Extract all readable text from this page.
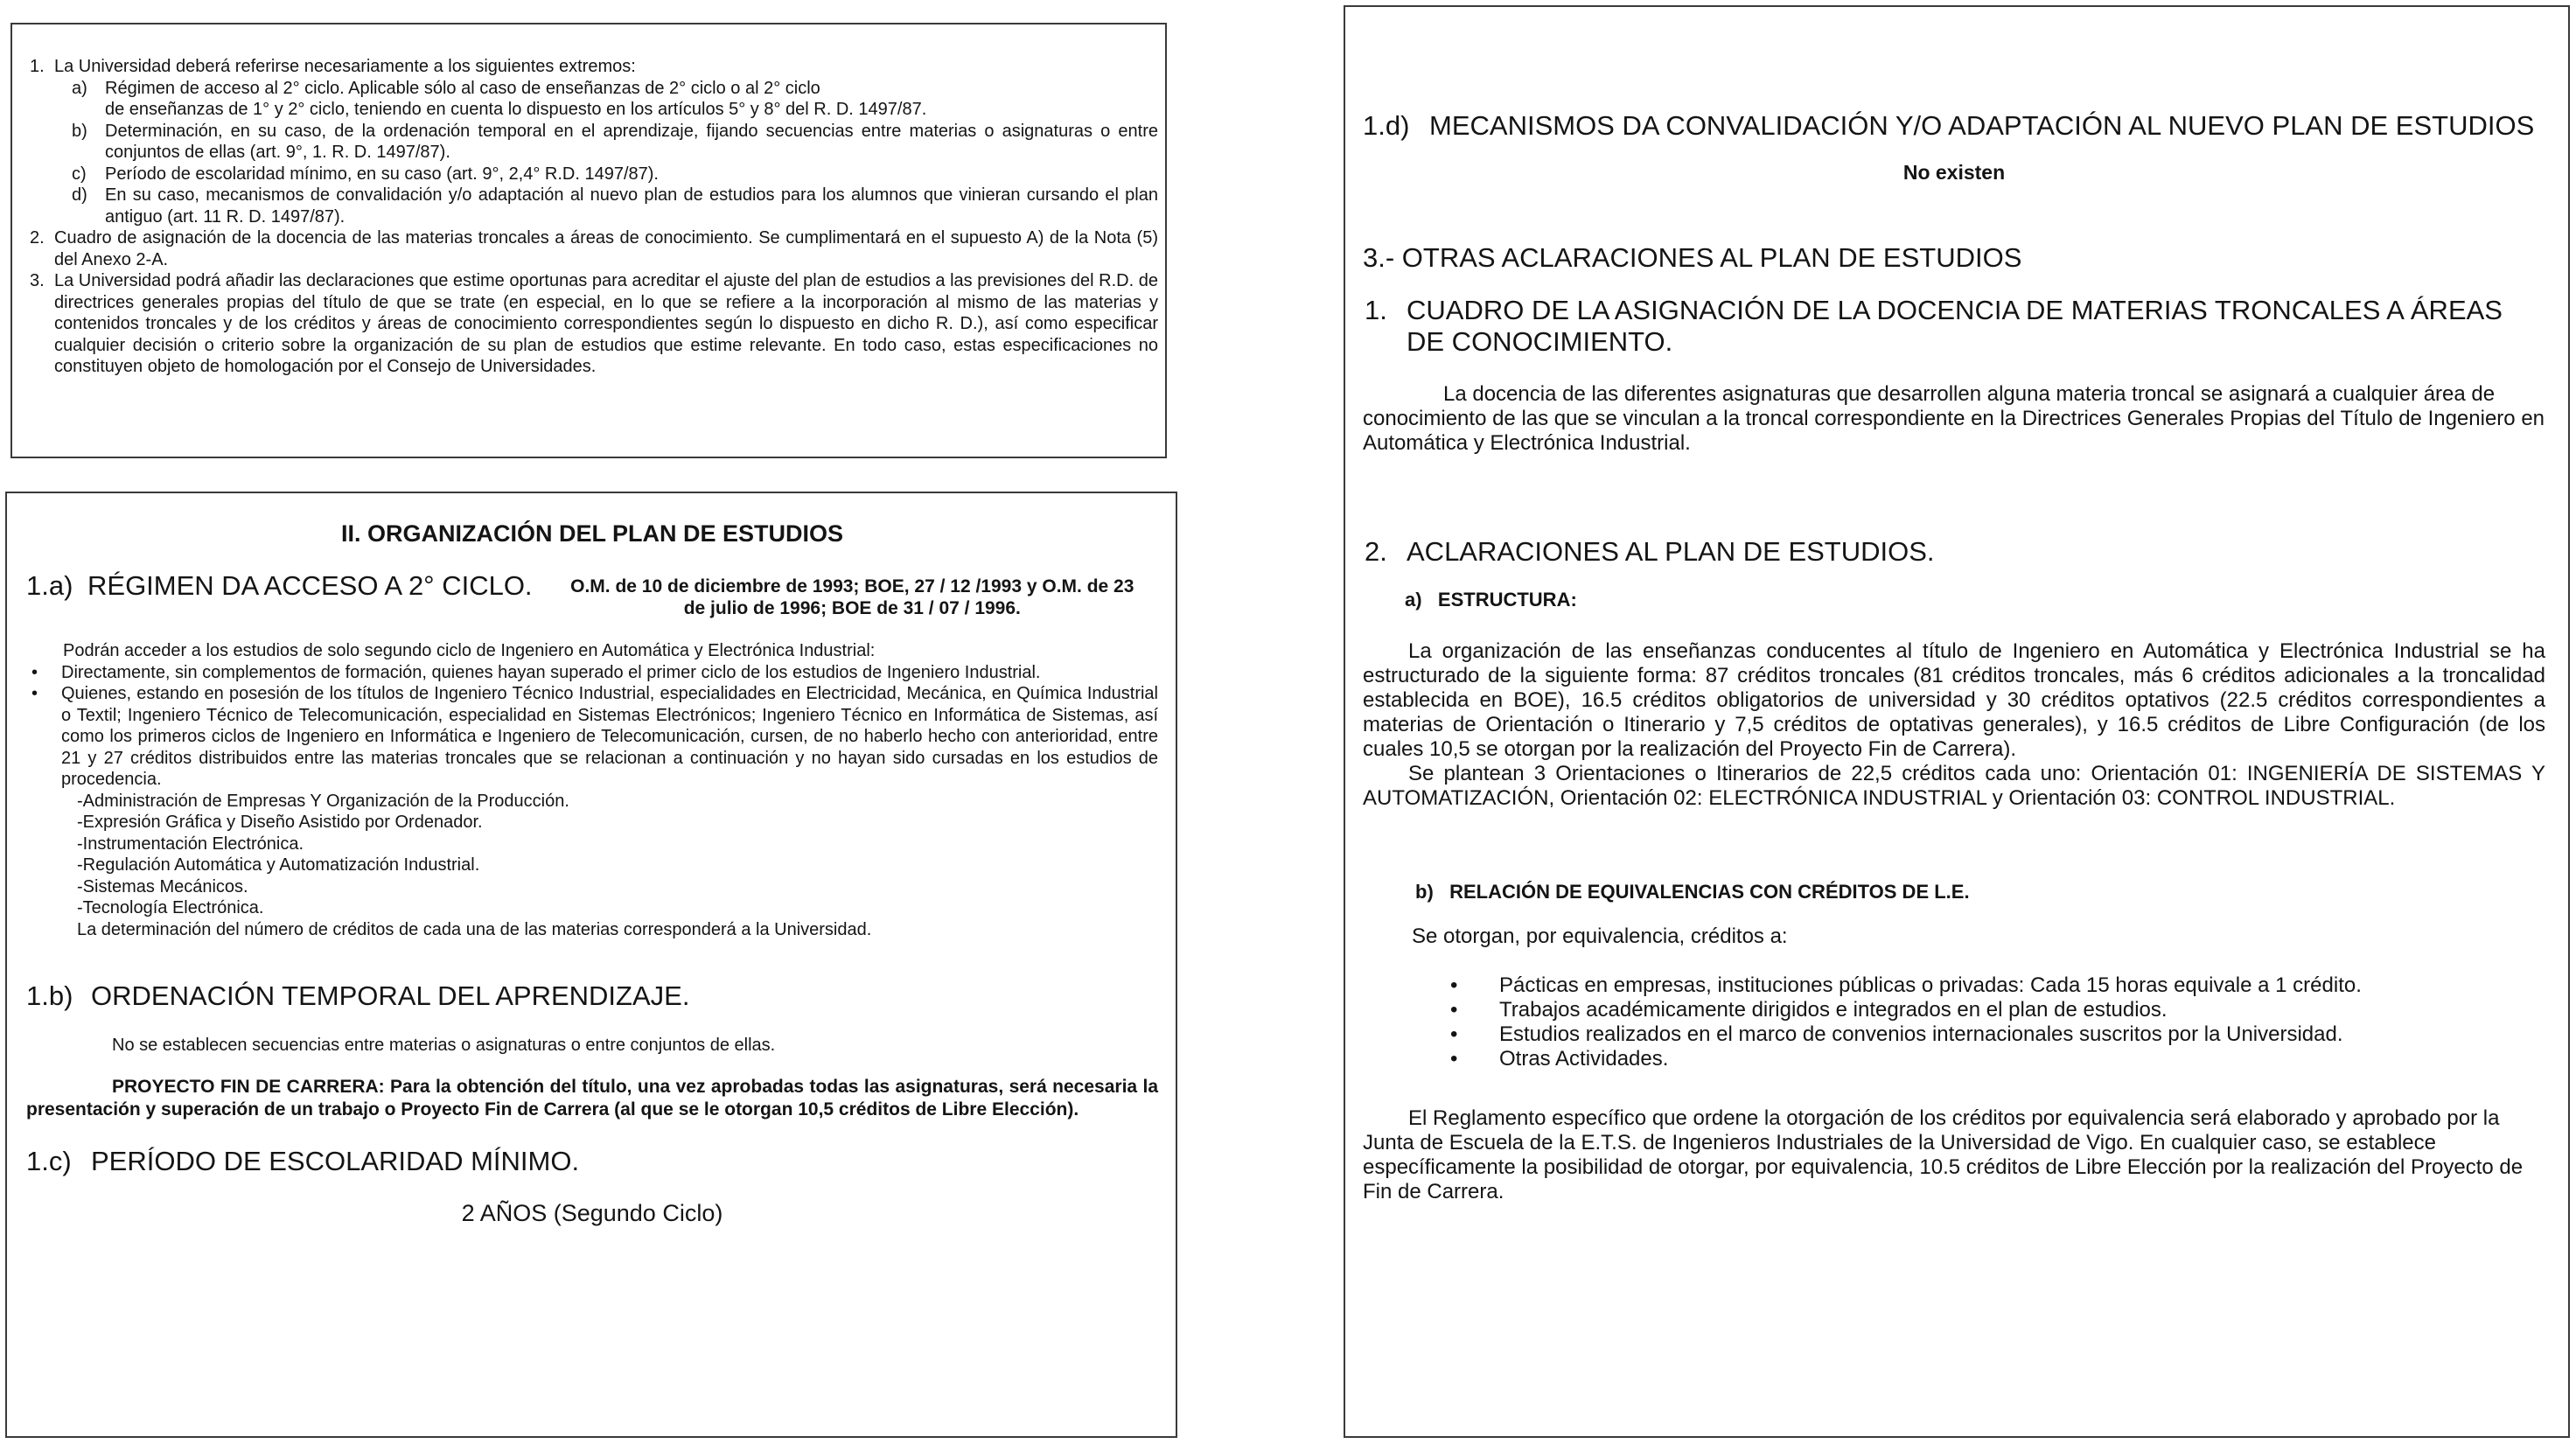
1. La Universidad deberá referirse necesariamente a los siguientes extremos:
a)	Régimen de acceso al 2° ciclo. Aplicable sólo al caso de enseñanzas de 2° ciclo o al 2° ciclo
de enseñanzas de 1° y 2° ciclo, teniendo en cuenta lo dispuesto en los artículos 5° y 8° del R. D. 1497/87.
b)	Determinación, en su caso, de la ordenación temporal en el aprendizaje, fijando secuencias entre materias o asignaturas o entre conjuntos de ellas (art. 9°, 1. R. D. 1497/87).
c)	Período de escolaridad mínimo, en su caso (art. 9°, 2,4° R.D. 1497/87).
d)	En su caso, mecanismos de convalidación y/o adaptación al nuevo plan de estudios para los alumnos que vinieran cursando el plan antiguo (art. 11 R. D. 1497/87).
2. Cuadro de asignación de la docencia de las materias troncales a áreas de conocimiento. Se cumplimentará en el supuesto A) de la Nota (5) del Anexo 2-A.
3. La Universidad podrá añadir las declaraciones que estime oportunas para acreditar el ajuste del plan de estudios a las previsiones del R.D. de directrices generales propias del título de que se trate (en especial, en lo que se refiere a la incorporación al mismo de las materias y contenidos troncales y de los créditos y áreas de conocimiento correspondientes según lo dispuesto en dicho R. D.), así como especificar cualquier decisión o criterio sobre la organización de su plan de estudios que estime relevante. En todo caso, estas especificaciones no constituyen objeto de homologación por el Consejo de Universidades.
II. ORGANIZACIÓN DEL PLAN DE ESTUDIOS
1.a) RÉGIMEN DA ACCESO A 2° CICLO.	O.M. de 10 de diciembre de 1993; BOE, 27 / 12 /1993 y O.M. de 23
de julio de 1996; BOE de 31 / 07 / 1996.
Podrán acceder a los estudios de solo segundo ciclo de Ingeniero en Automática y Electrónica Industrial:
•	Directamente, sin complementos de formación, quienes hayan superado el primer ciclo de los estudios de Ingeniero Industrial.
•	Quienes, estando en posesión de los títulos de Ingeniero Técnico Industrial, especialidades en Electricidad, Mecánica, en Química Industrial o Textil; Ingeniero Técnico de Telecomunicación, especialidad en Sistemas Electrónicos; Ingeniero Técnico en Informática de Sistemas, así como los primeros ciclos de Ingeniero en Informática e Ingeniero de Telecomunicación, cursen, de no haberlo hecho con anterioridad, entre 21 y 27 créditos distribuidos entre las materias troncales que se relacionan a continuación y no hayan sido cursadas en los estudios de procedencia.
-Administración de Empresas Y Organización de la Producción.
-Expresión Gráfica y Diseño Asistido por Ordenador.
-Instrumentación Electrónica.
-Regulación Automática y Automatización Industrial.
-Sistemas Mecánicos.
-Tecnología Electrónica.
La determinación del número de créditos de cada una de las materias corresponderá a la Universidad.
1.b) ORDENACIÓN TEMPORAL DEL APRENDIZAJE.
No se establecen secuencias entre materias o asignaturas o entre conjuntos de ellas.
PROYECTO FIN DE CARRERA: Para la obtención del título, una vez aprobadas todas las asignaturas, será necesaria la presentación y superación de un trabajo o Proyecto Fin de Carrera (al que se le otorgan 10,5 créditos de Libre Elección).
1.c) PERÍODO DE ESCOLARIDAD MÍNIMO.
2 AÑOS (Segundo Ciclo)
1.d) MECANISMOS DA CONVALIDACIÓN Y/O ADAPTACIÓN AL NUEVO PLAN DE ESTUDIOS
No existen
3.- OTRAS ACLARACIONES AL PLAN DE ESTUDIOS
1. CUADRO DE LA ASIGNACIÓN DE LA DOCENCIA DE MATERIAS TRONCALES A ÁREAS
DE CONOCIMIENTO.
La docencia de las diferentes asignaturas que desarrollen alguna materia troncal se asignará a cualquier área de conocimiento de las que se vinculan a la troncal correspondiente en la Directrices Generales Propias del Título de Ingeniero en Automática y Electrónica Industrial.
2. ACLARACIONES AL PLAN DE ESTUDIOS.
a) ESTRUCTURA:
La organización de las enseñanzas conducentes al título de Ingeniero en Automática y Electrónica Industrial se ha estructurado de la siguiente forma: 87 créditos troncales (81 créditos troncales, más 6 créditos adicionales a la troncalidad establecida en BOE), 16.5 créditos obligatorios de universidad y 30 créditos optativos (22.5 créditos correspondientes a materias de Orientación o Itinerario y 7,5 créditos de optativas generales), y 16.5 créditos de Libre Configuración (de los cuales 10,5 se otorgan por la realización del Proyecto Fin de Carrera).
Se plantean 3 Orientaciones o Itinerarios de 22,5 créditos cada uno: Orientación 01: INGENIERÍA DE SISTEMAS Y AUTOMATIZACIÓN, Orientación 02: ELECTRÓNICA INDUSTRIAL y Orientación 03: CONTROL INDUSTRIAL.
b) RELACIÓN DE EQUIVALENCIAS CON CRÉDITOS DE L.E.
Se otorgan, por equivalencia, créditos a:
•	Pácticas en empresas, instituciones públicas o privadas: Cada 15 horas equivale a 1 crédito.
•	Trabajos académicamente dirigidos e integrados en el plan de estudios.
•	Estudios realizados en el marco de convenios internacionales suscritos por la Universidad.
•	Otras Actividades.
El Reglamento específico que ordene la otorgación de los créditos por equivalencia será elaborado y aprobado por la Junta de Escuela de la E.T.S. de Ingenieros Industriales de la Universidad de Vigo. En cualquier caso, se establece específicamente la posibilidad de otorgar, por equivalencia, 10.5 créditos de Libre Elección por la realización del Proyecto de Fin de Carrera.
